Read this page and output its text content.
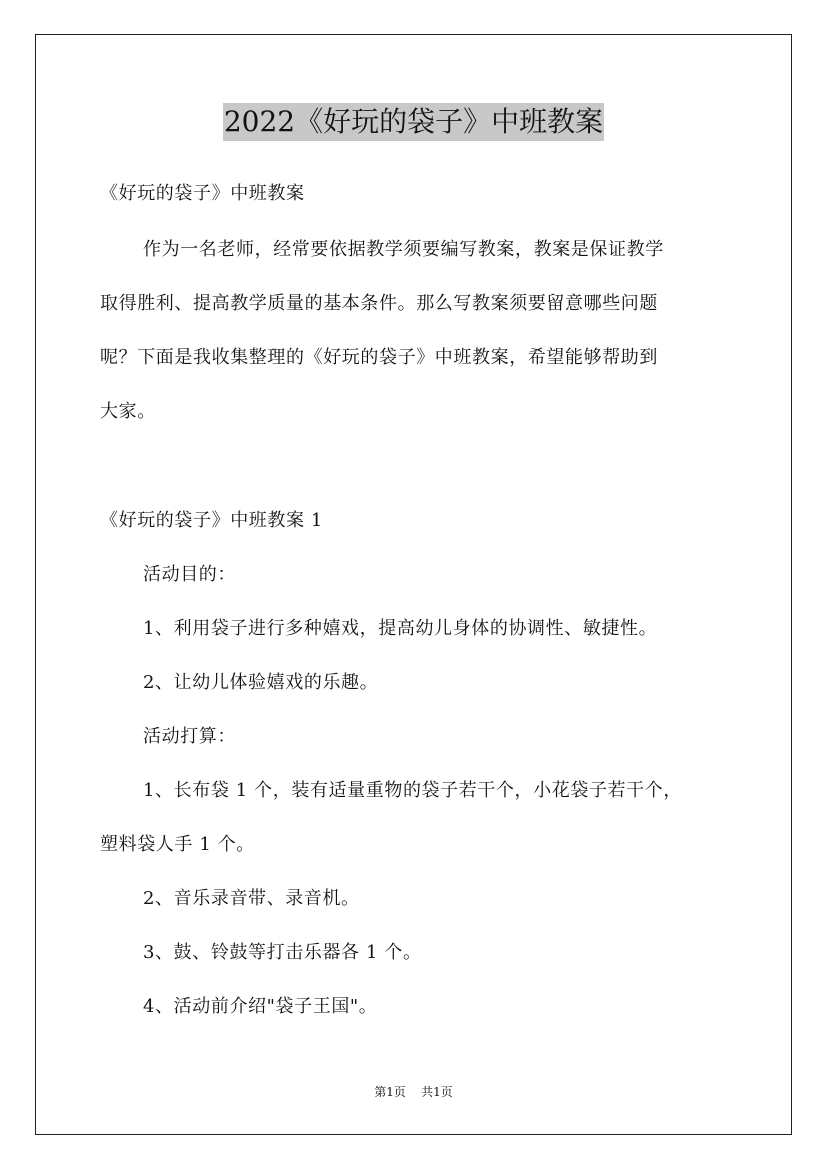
2022《好玩的袋子》中班教案
《好玩的袋子》中班教案
作为一名老师，经常要依据教学须要编写教案，教案是保证教学
取得胜利、提高教学质量的基本条件。那么写教案须要留意哪些问题
呢？下面是我收集整理的《好玩的袋子》中班教案，希望能够帮助到
大家。
《好玩的袋子》中班教案 1
活动目的：
1、利用袋子进行多种嬉戏，提高幼儿身体的协调性、敏捷性。
2、让幼儿体验嬉戏的乐趣。
活动打算：
1、长布袋 1 个，装有适量重物的袋子若干个，小花袋子若干个，
塑料袋人手 1 个。
2、音乐录音带、录音机。
3、鼓、铃鼓等打击乐器各 1 个。
4、活动前介绍"袋子王国"。
第1页 共1页
